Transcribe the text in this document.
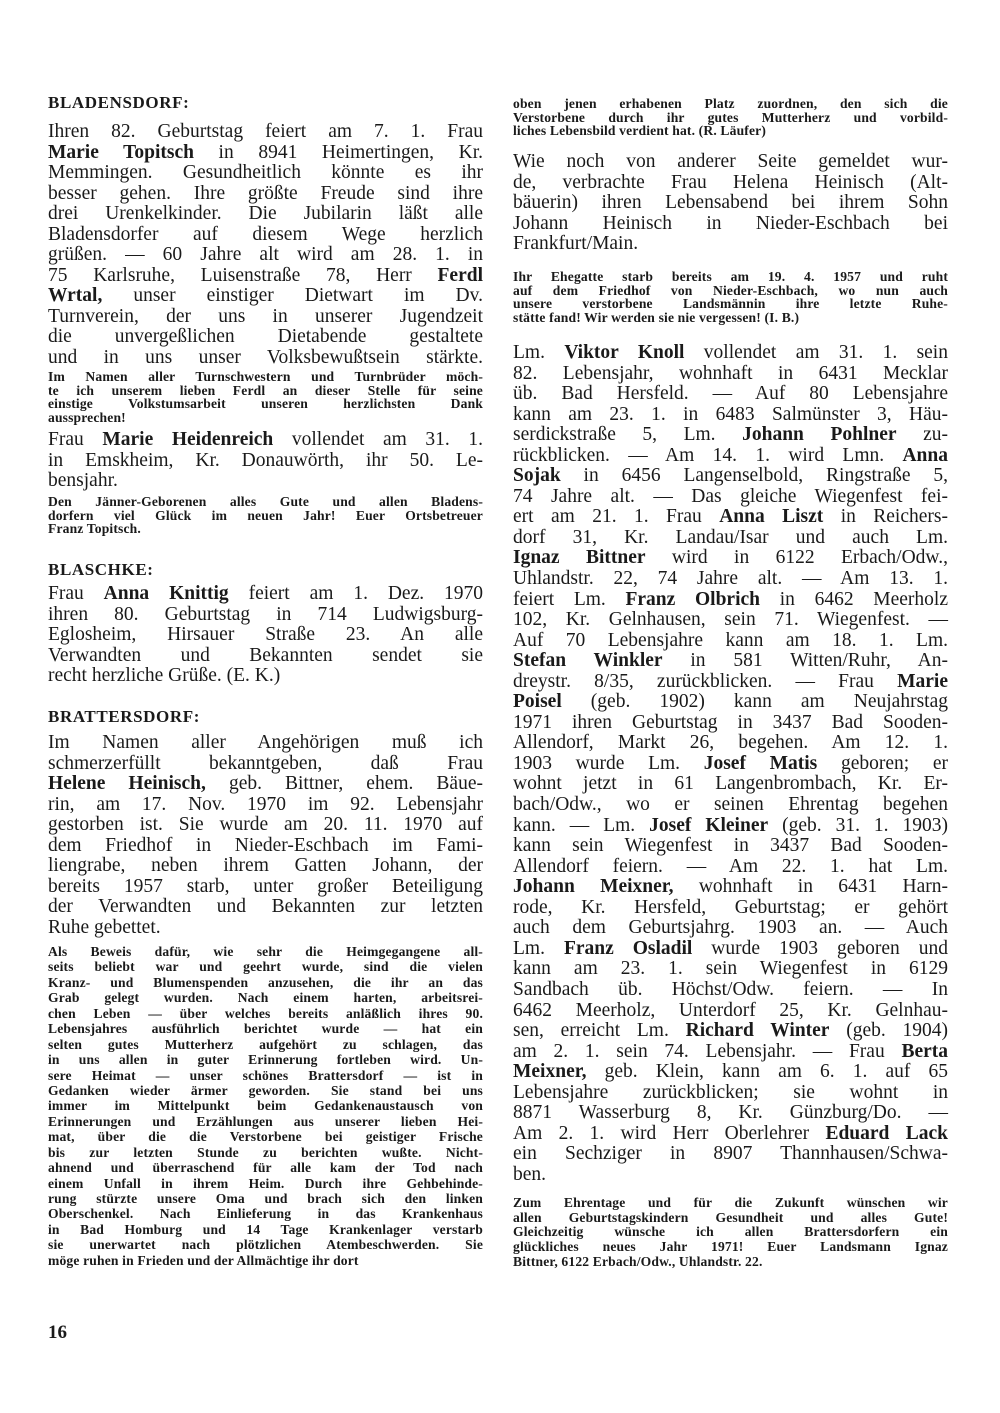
BLADENSDORF:
Ihren 82. Geburtstag feiert am 7. 1. Frau
Marie Topitsch in 8941 Heimertingen, Kr.
Memmingen. Gesundheitlich könnte es ihr
besser gehen. Ihre größte Freude sind ihre
drei Urenkelkinder. Die Jubilarin läßt alle
Bladensdorfer auf diesem Wege herzlich
grüßen. — 60 Jahre alt wird am 28. 1. in
75 Karlsruhe, Luisenstraße 78, Herr Ferdl
Wrtal, unser einstiger Dietwart im Dv.
Turnverein, der uns in unserer Jugendzeit
die unvergeßlichen Dietabende gestaltete
und in uns unser Volksbewußtsein stärkte.
Im Namen aller Turnschwestern und Turnbrüder möch-
te ich unserem lieben Ferdl an dieser Stelle für seine
einstige Volkstumsarbeit unseren herzlichsten Dank
aussprechen!
Frau Marie Heidenreich vollendet am 31. 1.
in Emskheim, Kr. Donauwörth, ihr 50. Le-
bensjahr.
Den Jänner-Geborenen alles Gute und allen Bladens-
dorfern viel Glück im neuen Jahr! Euer Ortsbetreuer
Franz Topitsch.
BLASCHKE:
Frau Anna Knittig feiert am 1. Dez. 1970
ihren 80. Geburtstag in 714 Ludwigsburg-
Eglosheim, Hirsauer Straße 23. An alle
Verwandten und Bekannten sendet sie
recht herzliche Grüße. (E. K.)
BRATTERSDORF:
Im Namen aller Angehörigen muß ich
schmerzerfüllt bekanntgeben, daß Frau
Helene Heinisch, geb. Bittner, ehem. Bäue-
rin, am 17. Nov. 1970 im 92. Lebensjahr
gestorben ist. Sie wurde am 20. 11. 1970 auf
dem Friedhof in Nieder-Eschbach im Fami-
liengrabe, neben ihrem Gatten Johann, der
bereits 1957 starb, unter großer Beteiligung
der Verwandten und Bekannten zur letzten
Ruhe gebettet.
Als Beweis dafür, wie sehr die Heimgegangene all-
seits beliebt war und geehrt wurde, sind die vielen
Kranz- und Blumenspenden anzusehen, die ihr an das
Grab gelegt wurden. Nach einem harten, arbeitsrei-
chen Leben — über welches bereits anläßlich ihres 90.
Lebensjahres ausführlich berichtet wurde — hat ein
selten gutes Mutterherz aufgehört zu schlagen, das
in uns allen in guter Erinnerung fortleben wird. Un-
sere Heimat — unser schönes Brattersdorf — ist in
Gedanken wieder ärmer geworden. Sie stand bei uns
immer im Mittelpunkt beim Gedankenaustausch von
Erinnerungen und Erzählungen aus unserer lieben Hei-
mat, über die die Verstorbene bei geistiger Frische
bis zur letzten Stunde zu berichten wußte. Nicht-
ahnend und überraschend für alle kam der Tod nach
einem Unfall in ihrem Heim. Durch ihre Gehbehinde-
rung stürzte unsere Oma und brach sich den linken
Oberschenkel. Nach Einlieferung in das Krankenhaus
in Bad Homburg und 14 Tage Krankenlager verstarb
sie unerwartet nach plötzlichen Atembeschwerden. Sie
möge ruhen in Frieden und der Allmächtige ihr dort
oben jenen erhabenen Platz zuordnen, den sich die
Verstorbene durch ihr gutes Mutterherz und vorbild-
liches Lebensbild verdient hat. (R. Läufer)
Wie noch von anderer Seite gemeldet wur-
de, verbrachte Frau Helena Heinisch (Alt-
bäuerin) ihren Lebensabend bei ihrem Sohn
Johann Heinisch in Nieder-Eschbach bei
Frankfurt/Main.
Ihr Ehegatte starb bereits am 19. 4. 1957 und ruht
auf dem Friedhof von Nieder-Eschbach, wo nun auch
unsere verstorbene Landsmännin ihre letzte Ruhe-
stätte fand! Wir werden sie nie vergessen! (I. B.)
Lm. Viktor Knoll vollendet am 31. 1. sein
82. Lebensjahr, wohnhaft in 6431 Mecklar
üb. Bad Hersfeld. — Auf 80 Lebensjahre
kann am 23. 1. in 6483 Salmünster 3, Häu-
serdickstraße 5, Lm. Johann Pohlner zu-
rückblicken. — Am 14. 1. wird Lmn. Anna
Sojak in 6456 Langenselbold, Ringstraße 5,
74 Jahre alt. — Das gleiche Wiegenfest fei-
ert am 21. 1. Frau Anna Liszt in Reichers-
dorf 31, Kr. Landau/Isar und auch Lm.
Ignaz Bittner wird in 6122 Erbach/Odw.,
Uhlandstr. 22, 74 Jahre alt. — Am 13. 1.
feiert Lm. Franz Olbrich in 6462 Meerholz
102, Kr. Gelnhausen, sein 71. Wiegenfest. —
Auf 70 Lebensjahre kann am 18. 1. Lm.
Stefan Winkler in 581 Witten/Ruhr, An-
dreystr. 8/35, zurückblicken. — Frau Marie
Poisel (geb. 1902) kann am Neujahrstag
1971 ihren Geburtstag in 3437 Bad Sooden-
Allendorf, Markt 26, begehen. Am 12. 1.
1903 wurde Lm. Josef Matis geboren; er
wohnt jetzt in 61 Langenbrombach, Kr. Er-
bach/Odw., wo er seinen Ehrentag begehen
kann. — Lm. Josef Kleiner (geb. 31. 1. 1903)
kann sein Wiegenfest in 3437 Bad Sooden-
Allendorf feiern. — Am 22. 1. hat Lm.
Johann Meixner, wohnhaft in 6431 Harn-
rode, Kr. Hersfeld, Geburtstag; er gehört
auch dem Geburtsjahrg. 1903 an. — Auch
Lm. Franz Osladil wurde 1903 geboren und
kann am 23. 1. sein Wiegenfest in 6129
Sandbach üb. Höchst/Odw. feiern. — In
6462 Meerholz, Unterdorf 25, Kr. Gelnhau-
sen, erreicht Lm. Richard Winter (geb. 1904)
am 2. 1. sein 74. Lebensjahr. — Frau Berta
Meixner, geb. Klein, kann am 6. 1. auf 65
Lebensjahre zurückblicken; sie wohnt in
8871 Wasserburg 8, Kr. Günzburg/Do. —
Am 2. 1. wird Herr Oberlehrer Eduard Lack
ein Sechziger in 8907 Thannhausen/Schwa-
ben.
Zum Ehrentage und für die Zukunft wünschen wir
allen Geburtstagskindern Gesundheit und alles Gute!
Gleichzeitig wünsche ich allen Brattersdorfern ein
glückliches neues Jahr 1971! Euer Landsmann Ignaz
Bittner, 6122 Erbach/Odw., Uhlandstr. 22.
16
